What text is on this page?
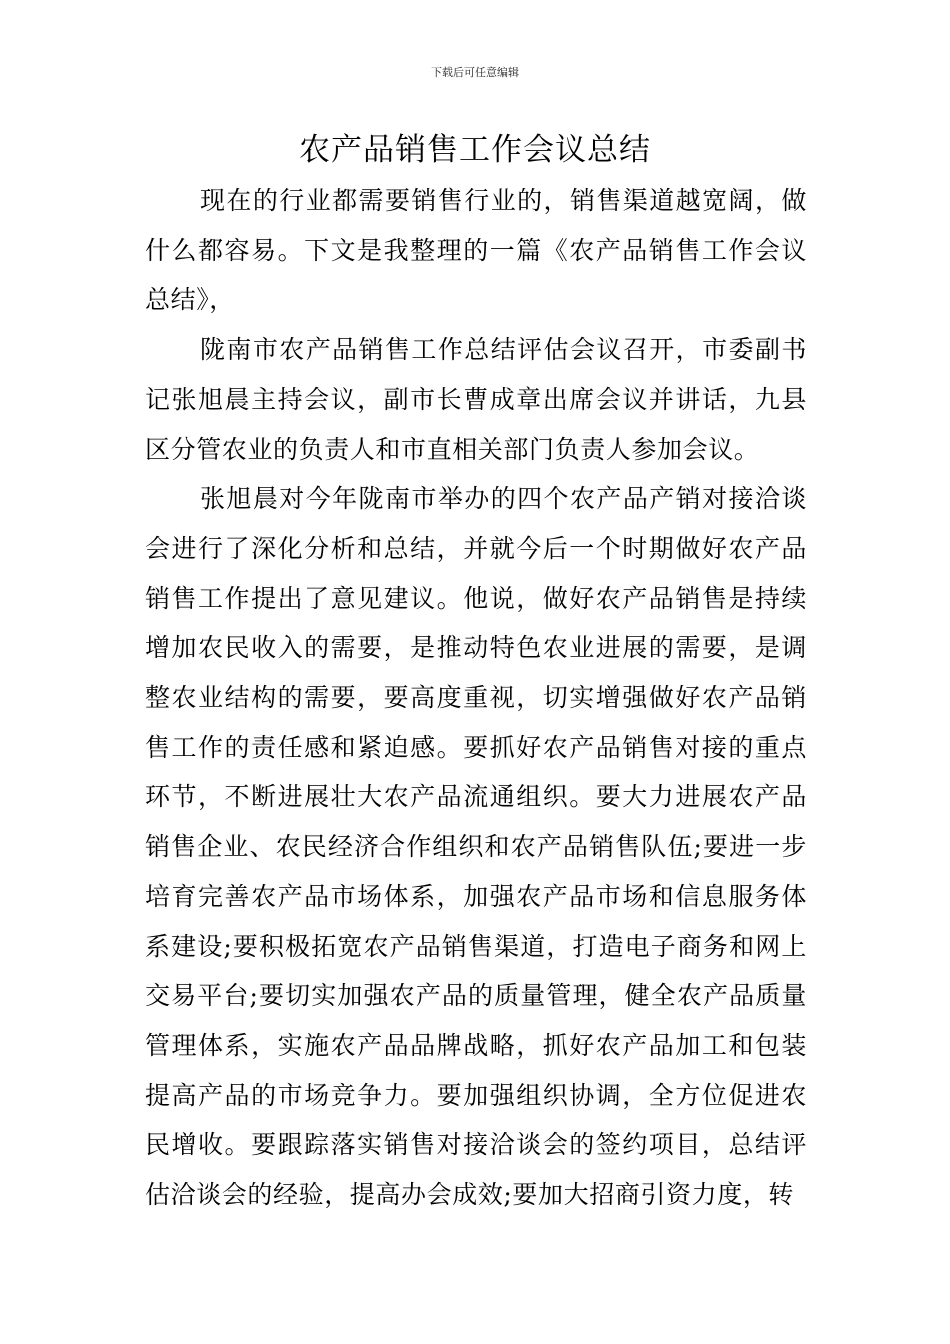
下载后可任意编辑
农产品销售工作会议总结

现在的行业都需要销售行业的，销售渠道越宽阔，做什么都容易。下文是我整理的一篇《农产品销售工作会议总结》，

陇南市农产品销售工作总结评估会议召开，市委副书记张旭晨主持会议，副市长曹成章出席会议并讲话，九县区分管农业的负责人和市直相关部门负责人参加会议。

张旭晨对今年陇南市举办的四个农产品产销对接洽谈会进行了深化分析和总结，并就今后一个时期做好农产品销售工作提出了意见建议。他说，做好农产品销售是持续增加农民收入的需要，是推动特色农业进展的需要，是调整农业结构的需要，要高度重视，切实增强做好农产品销售工作的责任感和紧迫感。要抓好农产品销售对接的重点环节，不断进展壮大农产品流通组织。要大力进展农产品销售企业、农民经济合作组织和农产品销售队伍;要进一步培育完善农产品市场体系，加强农产品市场和信息服务体系建设;要积极拓宽农产品销售渠道，打造电子商务和网上交易平台;要切实加强农产品的质量管理，健全农产品质量管理体系，实施农产品品牌战略，抓好农产品加工和包装提高产品的市场竞争力。要加强组织协调，全方位促进农民增收。要跟踪落实销售对接洽谈会的签约项目，总结评估洽谈会的经验，提高办会成效;要加大招商引资力度，转
